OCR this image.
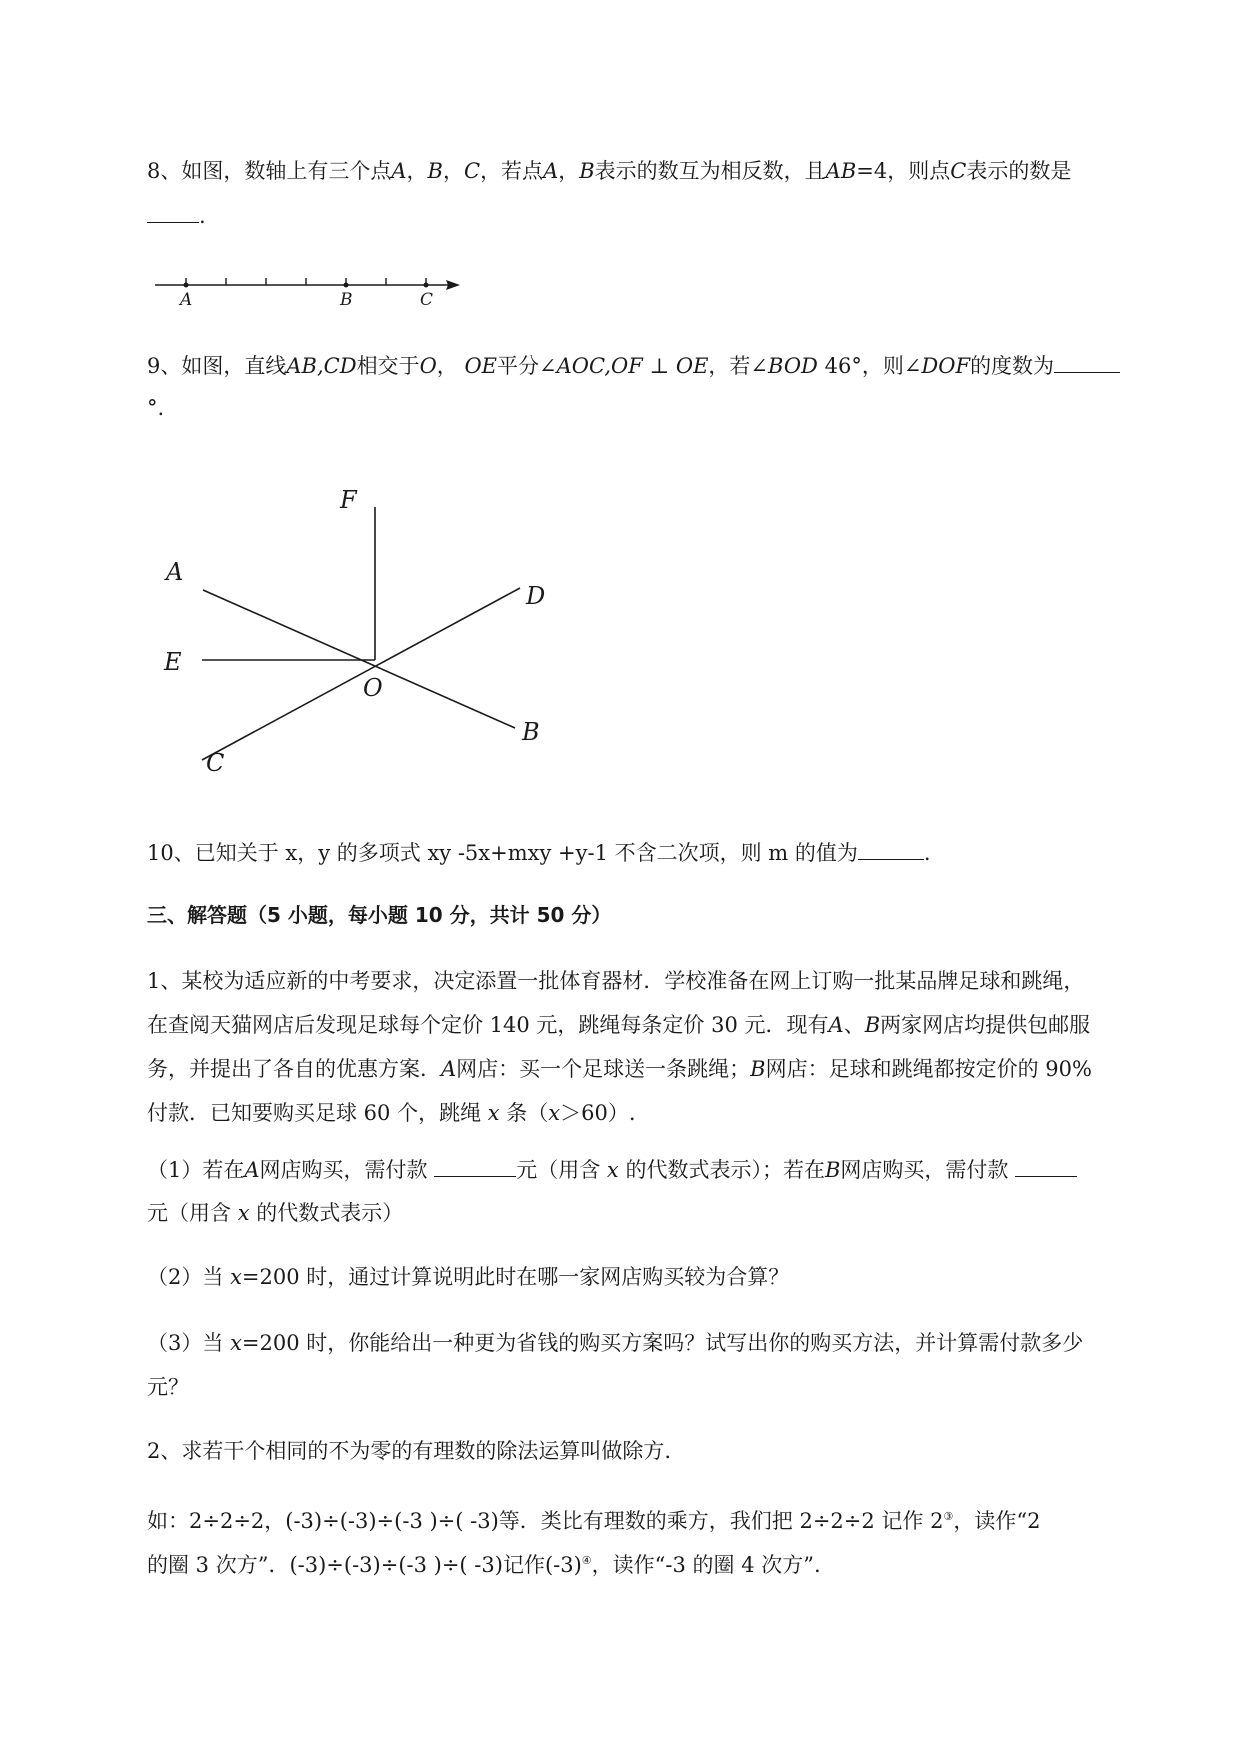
8、如图，数轴上有三个点A，B，C，若点A，B表示的数互为相反数，且AB=4，则点C表示的数是
.
A	B	C
9、如图，直线AB,CD相交于O， OE平分∠AOC,OF ⊥ OE，若∠BOD 46°，则∠DOF的度数为
°.
F
A
D
E
O
B
C
10、已知关于 x，y 的多项式 xy -5x+mxy +y-1 不含二次项，则 m 的值为	.
三、解答题（5 小题，每小题 10 分，共计 50 分）
1、某校为适应新的中考要求，决定添置一批体育器材．学校准备在网上订购一批某品牌足球和跳绳，
在查阅天猫网店后发现足球每个定价 140 元，跳绳每条定价 30 元．现有A、B两家网店均提供包邮服
务，并提出了各自的优惠方案．A网店：买一个足球送一条跳绳；B网店：足球和跳绳都按定价的 90%
付款．已知要购买足球 60 个，跳绳 x 条（x＞60）.
（1）若在A网店购买，需付款	元（用含 x 的代数式表示）；若在B网店购买，需付款
元（用含 x 的代数式表示）
（2）当 x=200 时，通过计算说明此时在哪一家网店购买较为合算？
（3）当 x=200 时，你能给出一种更为省钱的购买方案吗？试写出你的购买方法，并计算需付款多少
元？
2、求若干个相同的不为零的有理数的除法运算叫做除方.
如：2÷2÷2，(-3)÷(-3)÷(-3 )÷( -3)等．类比有理数的乘方，我们把 2÷2÷2 记作 2③，读作“2
的圈 3 次方”．(-3)÷(-3)÷(-3 )÷( -3)记作(-3)④，读作“-3 的圈 4 次方”.
